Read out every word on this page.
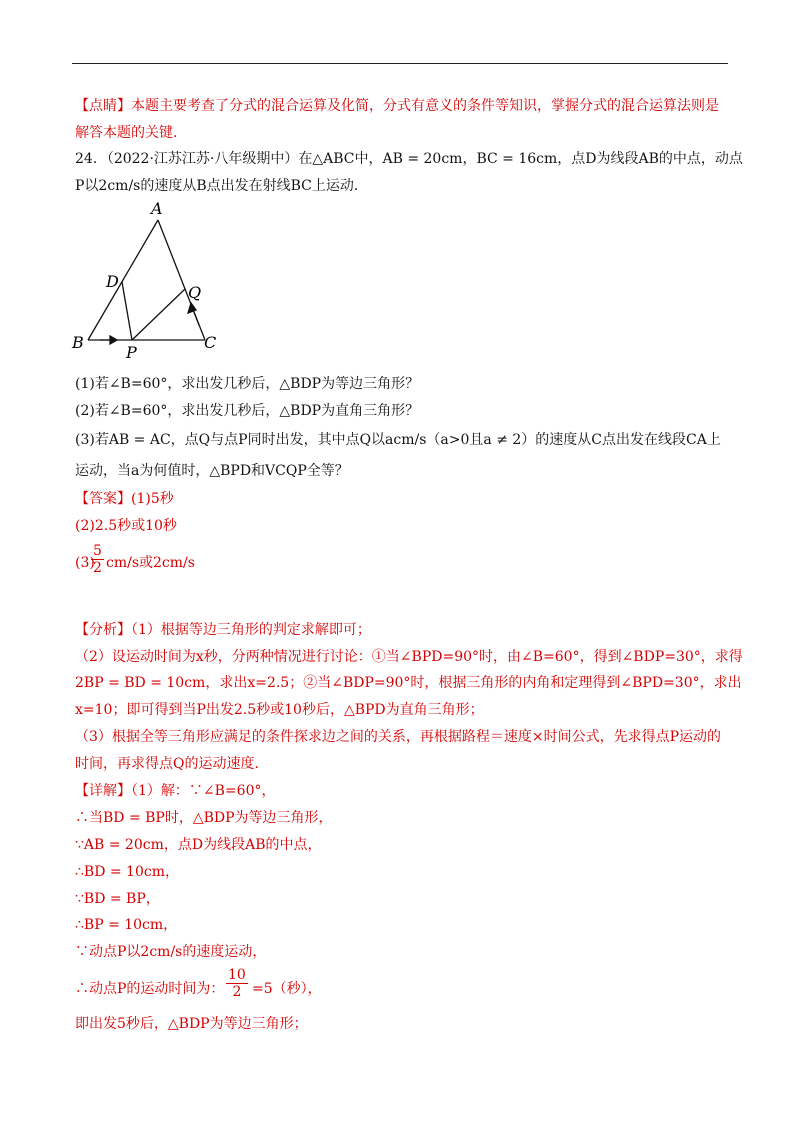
【点睛】本题主要考查了分式的混合运算及化简，分式有意义的条件等知识，掌握分式的混合运算法则是
解答本题的关键．
24．（2022·江苏江苏·八年级期中）在△ABC中，AB = 20cm，BC = 16cm，点D为线段AB的中点，动点
P以2cm/s的速度从B点出发在射线BC上运动．
A
D
Q
B
P
C
(1)若∠B=60°，求出发几秒后，△BDP为等边三角形？
(2)若∠B=60°，求出发几秒后，△BDP为直角三角形？
(3)若AB = AC，点Q与点P同时出发，其中点Q以acm/s（a>0且a ≠ 2）的速度从C点出发在线段CA上
运动，当a为何值时，△BPD和VCQP全等？
【答案】(1)5秒
(2)2.5秒或10秒
(3)
$\frac{5}{2} cm/s$或2cm/s
【分析】（1）根据等边三角形的判定求解即可；
（2）设运动时间为x秒，分两种情况进行讨论：①当∠BPD=90°时，由∠B=60°，得到∠BDP=30°，求得
2BP = BD = 10cm，求出x=2.5；②当∠BDP=90°时，根据三角形的内角和定理得到∠BPD=30°，求出
x=10；即可得到当P出发2.5秒或10秒后，△BPD为直角三角形；
（3）根据全等三角形应满足的条件探求边之间的关系，再根据路程＝速度×时间公式，先求得点P运动的
时间，再求得点Q的运动速度．
【详解】（1）解：∵∠B=60°，
∴当BD = BP时，△BDP为等边三角形，
∵AB = 20cm，点D为线段AB的中点，
∴BD = 10cm，
∵BD = BP，
∴BP = 10cm，
∵动点P以2cm/s的速度运动，
∴动点P的运动时间为： $\frac{10}{2} =5$（秒），
即出发5秒后，△BDP为等边三角形；
